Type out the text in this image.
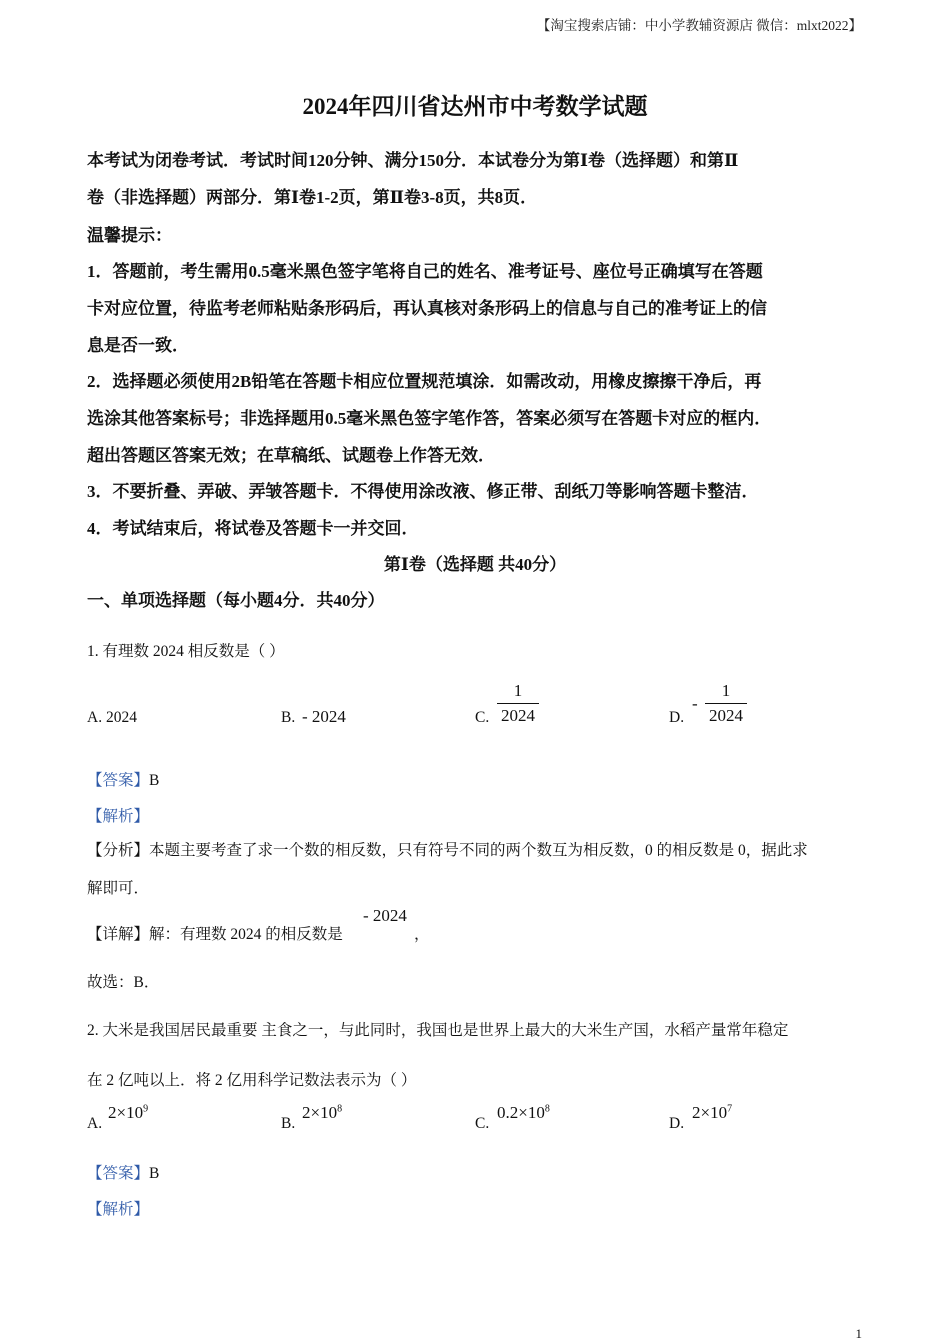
【淘宝搜索店铺：中小学教辅资源店 微信：mlxt2022】
2024年四川省达州市中考数学试题
本考试为闭卷考试．考试时间120分钟、满分150分．本试卷分为第Ⅰ卷（选择题）和第Ⅱ
卷（非选择题）两部分．第Ⅰ卷1-2页，第Ⅱ卷3-8页，共8页．
温馨提示：
1．答题前，考生需用0.5毫米黑色签字笔将自己的姓名、准考证号、座位号正确填写在答题
卡对应位置，待监考老师粘贴条形码后，再认真核对条形码上的信息与自己的准考证上的信
息是否一致．
2．选择题必须使用2B铅笔在答题卡相应位置规范填涂．如需改动，用橡皮擦擦干净后，再
选涂其他答案标号；非选择题用0.5毫米黑色签字笔作答，答案必须写在答题卡对应的框内．
超出答题区答案无效；在草稿纸、试题卷上作答无效．
3．不要折叠、弄破、弄皱答题卡．不得使用涂改液、修正带、刮纸刀等影响答题卡整洁．
4．考试结束后，将试卷及答题卡一并交回．
第Ⅰ卷（选择题 共40分）
一、单项选择题（每小题4分．共40分）
1. 有理数 2024 相反数是（ ）
A. 2024	B. - 2024	C.
1
2024	D.
-
1
2024
【答案】B
【解析】
【分析】本题主要考查了求一个数的相反数，只有符号不同的两个数互为相反数，0 的相反数是 0，据此求
解即可．
【详解】解：有理数 2024 的相反数是
- 2024
，
故选：B．
2. 大米是我国居民最重要 主食之一，与此同时，我国也是世界上最大的大米生产国，水稻产量常年稳定
在 2 亿吨以上．将 2 亿用科学记数法表示为（ ）
A.
$2\times 10^9$
B.
$2\times 10^8$
C.
$0.2\times 10^8$
D.
$2\times 10^7$
【答案】B
【解析】
1
